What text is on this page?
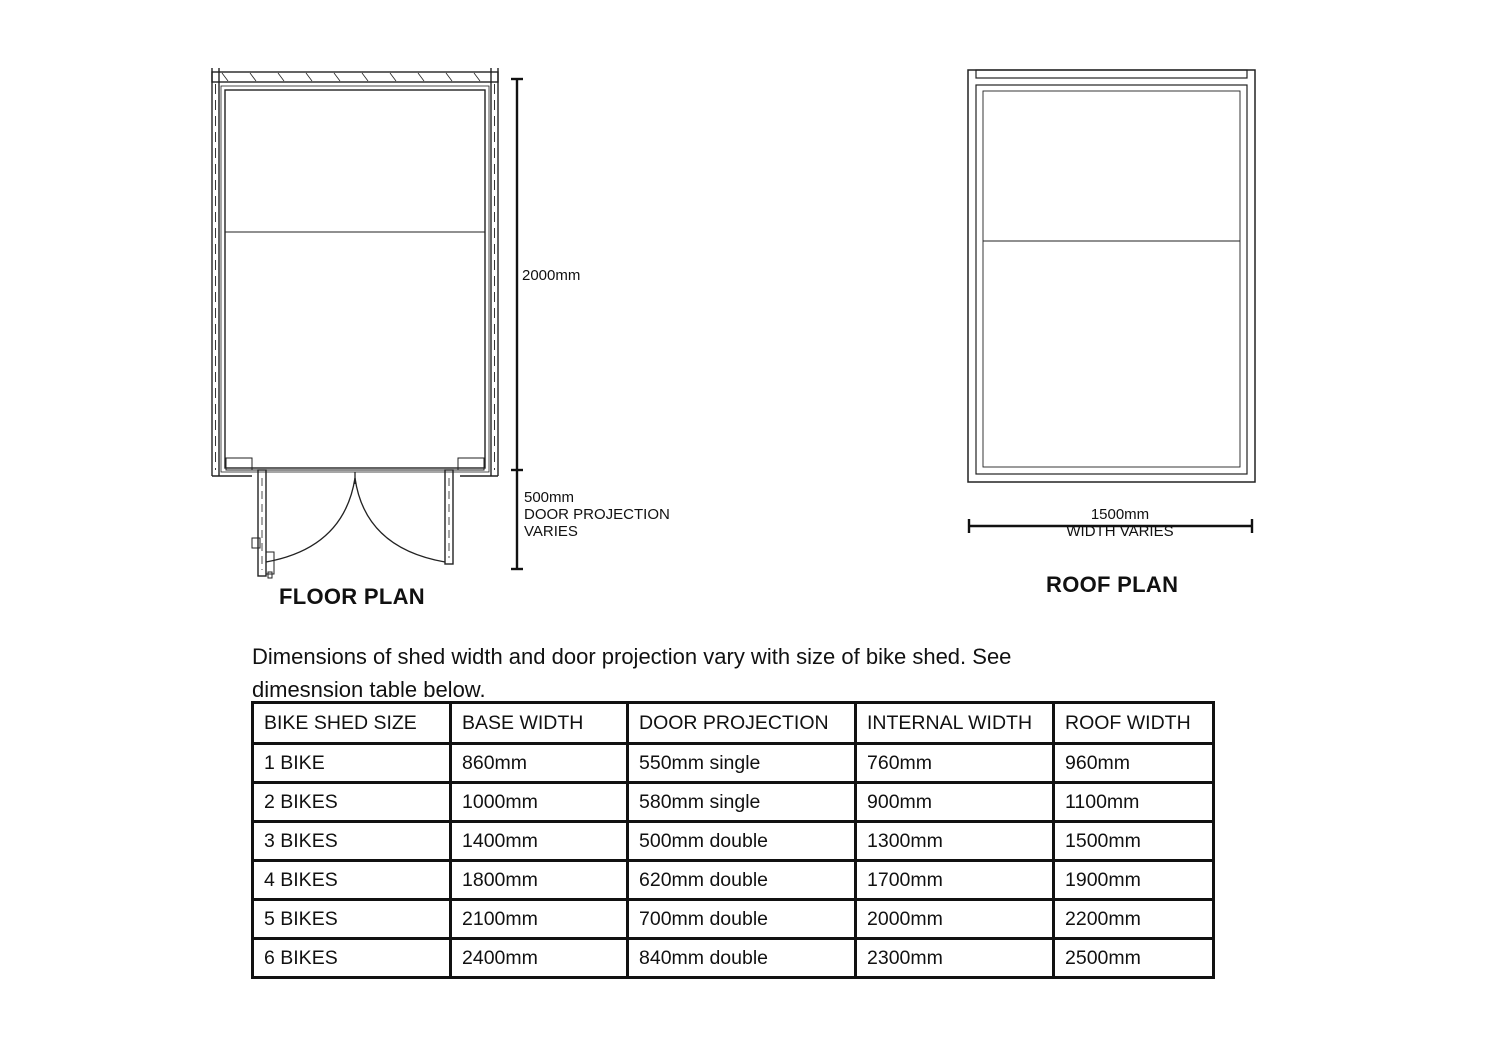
2000mm
500mm
DOOR PROJECTION
VARIES
FLOOR PLAN
1500mm
WIDTH VARIES
ROOF PLAN
Dimensions of shed width and door projection vary with size of bike shed. See dimesnsion table below.
BIKE SHED SIZE	BASE WIDTH	DOOR PROJECTION	INTERNAL WIDTH	ROOF WIDTH
1 BIKE	860mm	550mm single	760mm	960mm
2 BIKES	1000mm	580mm single	900mm	1100mm
3 BIKES	1400mm	500mm double	1300mm	1500mm
4 BIKES	1800mm	620mm double	1700mm	1900mm
5 BIKES	2100mm	700mm double	2000mm	2200mm
6 BIKES	2400mm	840mm double	2300mm	2500mm
